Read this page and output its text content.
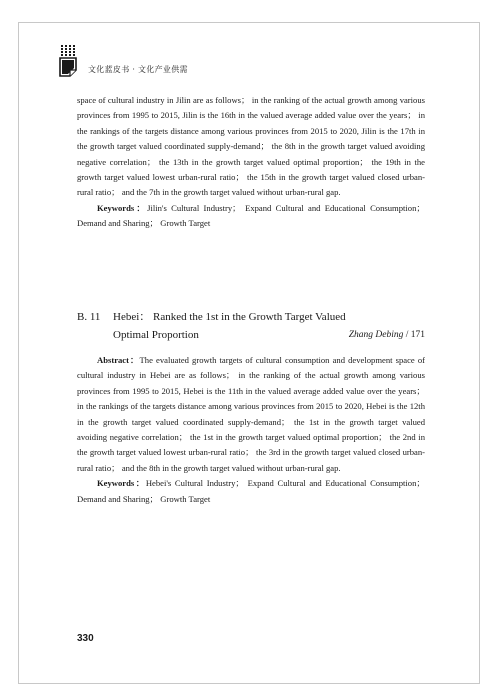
文化蓝皮书 · 文化产业供需

space of cultural industry in Jilin are as follows； in the ranking of the actual growth among various provinces from 1995 to 2015, Jilin is the 16th in the valued average added value over the years； in the rankings of the targets distance among various provinces from 2015 to 2020, Jilin is the 17th in the growth target valued coordinated supply-demand； the 8th in the growth target valued avoiding negative correlation； the 13th in the growth target valued optimal proportion； the 19th in the growth target valued lowest urban-rural ratio； the 15th in the growth target valued closed urban-rural ratio； and the 7th in the growth target valued without urban-rural gap.

Keywords：Jilin's Cultural Industry； Expand Cultural and Educational Consumption； Demand and Sharing； Growth Target

B. 11 Hebei： Ranked the 1st in the Growth Target Valued
Optimal Proportion	Zhang Debing / 171

Abstract：The evaluated growth targets of cultural consumption and development space of cultural industry in Hebei are as follows； in the ranking of the actual growth among various provinces from 1995 to 2015, Hebei is the 11th in the valued average added value over the years； in the rankings of the targets distance among various provinces from 2015 to 2020, Hebei is the 12th in the growth target valued coordinated supply-demand； the 1st in the growth target valued avoiding negative correlation； the 1st in the growth target valued optimal proportion； the 2nd in the growth target valued lowest urban-rural ratio； the 3rd in the growth target valued closed urban-rural ratio； and the 8th in the growth target valued without urban-rural gap.

Keywords：Hebei's Cultural Industry； Expand Cultural and Educational Consumption； Demand and Sharing； Growth Target

330
